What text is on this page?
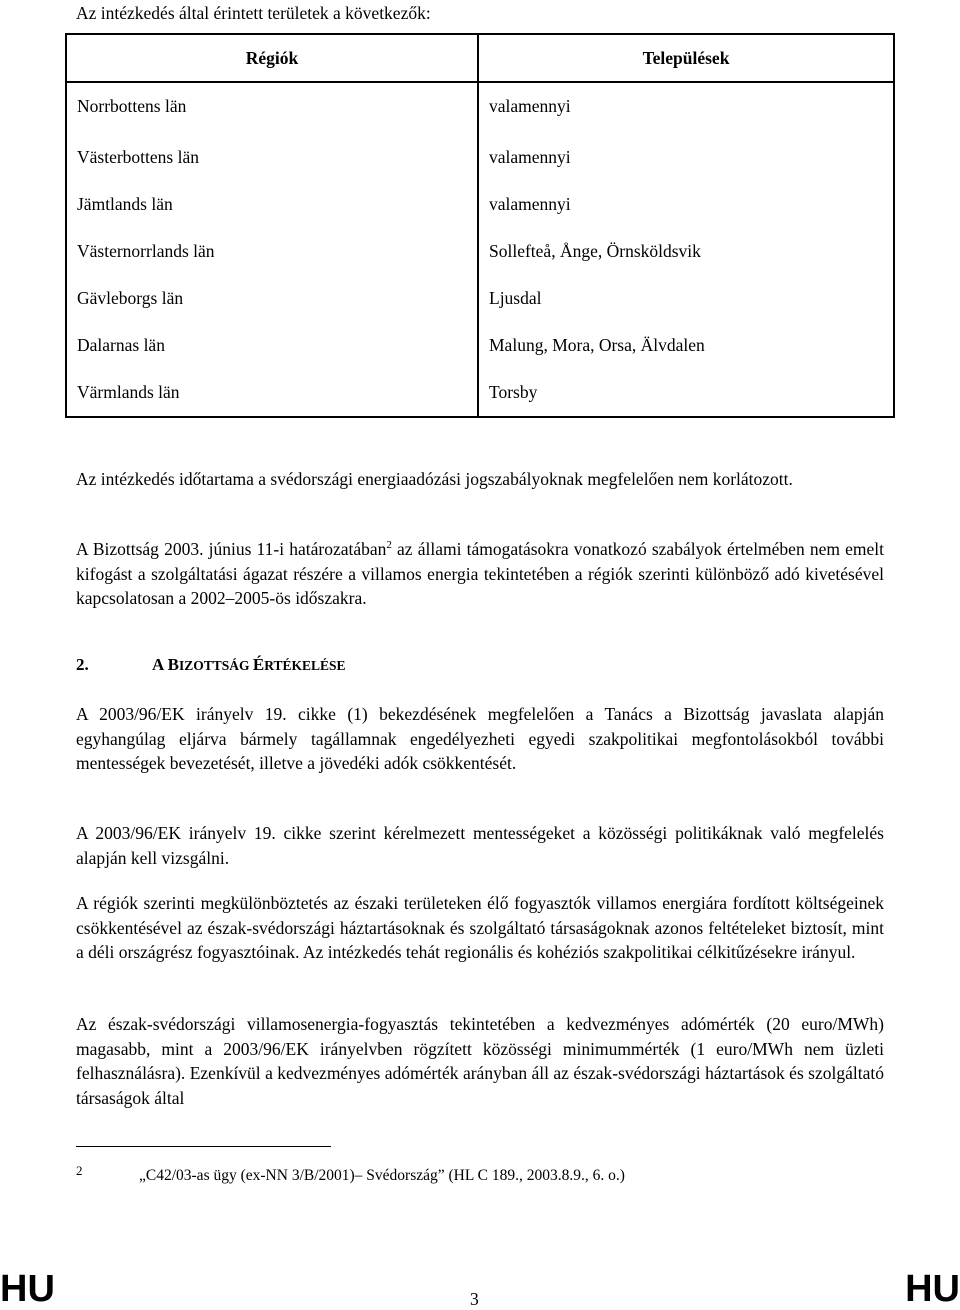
Az intézkedés által érintett területek a következők:

Régiók	Települések
Norrbottens län	valamennyi
Västerbottens län	valamennyi
Jämtlands län	valamennyi
Västernorrlands län	Sollefteå, Ånge, Örnsköldsvik
Gävleborgs län	Ljusdal
Dalarnas län	Malung, Mora, Orsa, Älvdalen
Värmlands län	Torsby

Az intézkedés időtartama a svédországi energiaadózási jogszabályoknak megfelelően nem korlátozott.

A Bizottság 2003. június 11-i határozatában$^2$ az állami támogatásokra vonatkozó szabályok értelmében nem emelt kifogást a szolgáltatási ágazat részére a villamos energia tekintetében a régiók szerinti különböző adó kivetésével kapcsolatosan a 2002–2005-ös időszakra.

2.	A BIZOTTSÁG ÉRTÉKELÉSE

A 2003/96/EK irányelv 19. cikke (1) bekezdésének megfelelően a Tanács a Bizottság javaslata alapján egyhangúlag eljárva bármely tagállamnak engedélyezheti egyedi szakpolitikai megfontolásokból további mentességek bevezetését, illetve a jövedéki adók csökkentését.

A 2003/96/EK irányelv 19. cikke szerint kérelmezett mentességeket a közösségi politikáknak való megfelelés alapján kell vizsgálni.

A régiók szerinti megkülönböztetés az északi területeken élő fogyasztók villamos energiára fordított költségeinek csökkentésével az észak-svédországi háztartásoknak és szolgáltató társaságoknak azonos feltételeket biztosít, mint a déli országrész fogyasztóinak. Az intézkedés tehát regionális és kohéziós szakpolitikai célkitűzésekre irányul.

Az észak-svédországi villamosenergia-fogyasztás tekintetében a kedvezményes adómérték (20 euro/MWh) magasabb, mint a 2003/96/EK irányelvben rögzített közösségi minimummérték (1 euro/MWh nem üzleti felhasználásra). Ezenkívül a kedvezményes adómérték arányban áll az észak-svédországi háztartások és szolgáltató társaságok által

2	„C42/03-as ügy (ex-NN 3/B/2001)– Svédország” (HL C 189., 2003.8.9., 6. o.)
HU	3	HU
